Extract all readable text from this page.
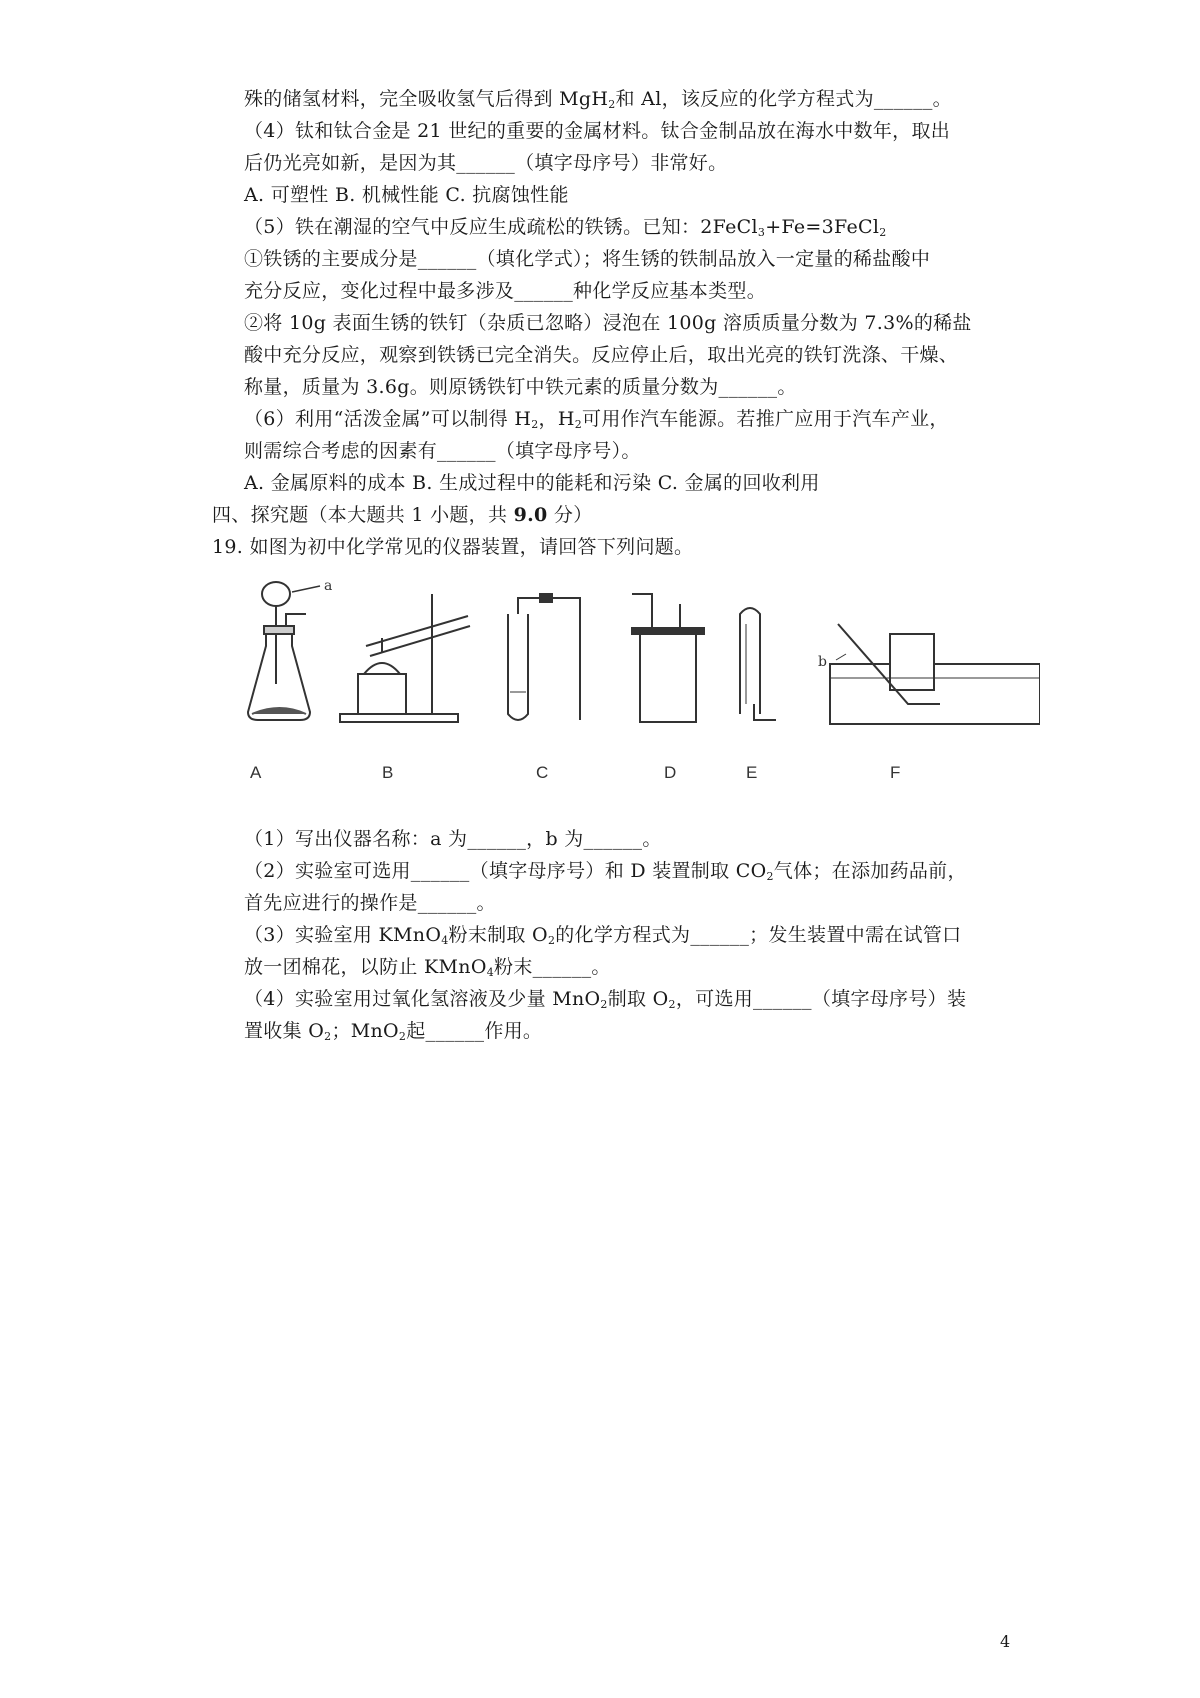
殊的储氢材料，完全吸收氢气后得到 MgH$_2$和 Al，该反应的化学方程式为______。
（4）钛和钛合金是 21 世纪的重要的金属材料。钛合金制品放在海水中数年，取出
后仍光亮如新，是因为其______（填字母序号）非常好。
A. 可塑性 B. 机械性能 C. 抗腐蚀性能
（5）铁在潮湿的空气中反应生成疏松的铁锈。已知：2FeCl$_3$+Fe=3FeCl$_2$
①铁锈的主要成分是______（填化学式）；将生锈的铁制品放入一定量的稀盐酸中
充分反应，变化过程中最多涉及______种化学反应基本类型。
②将 10g 表面生锈的铁钉（杂质已忽略）浸泡在 100g 溶质质量分数为 7.3%的稀盐
酸中充分反应，观察到铁锈已完全消失。反应停止后，取出光亮的铁钉洗涤、干燥、
称量，质量为 3.6g。则原锈铁钉中铁元素的质量分数为______。
（6）利用“活泼金属”可以制得 $H_2$，$H_2$可用作汽车能源。若推广应用于汽车产业，
则需综合考虑的因素有______（填字母序号）。
A. 金属原料的成本 B. 生成过程中的能耗和污染 C. 金属的回收利用
四、探究题（本大题共 1 小题，共 9.0 分）
19. 如图为初中化学常见的仪器装置，请回答下列问题。
a
b
A	B	C	D	E	F
（1）写出仪器名称：a 为______，b 为______。
（2）实验室可选用______（填字母序号）和 D 装置制取 $CO_2$气体；在添加药品前，
首先应进行的操作是______。
（3）实验室用 KMnO$_4$粉末制取 $O_2$的化学方程式为______；发生装置中需在试管口
放一团棉花，以防止 KMnO$_4$粉末______。
（4）实验室用过氧化氢溶液及少量 MnO$_2$制取 $O_2$，可选用______（填字母序号）装
置收集 $O_2$；MnO$_2$起______作用。
4
